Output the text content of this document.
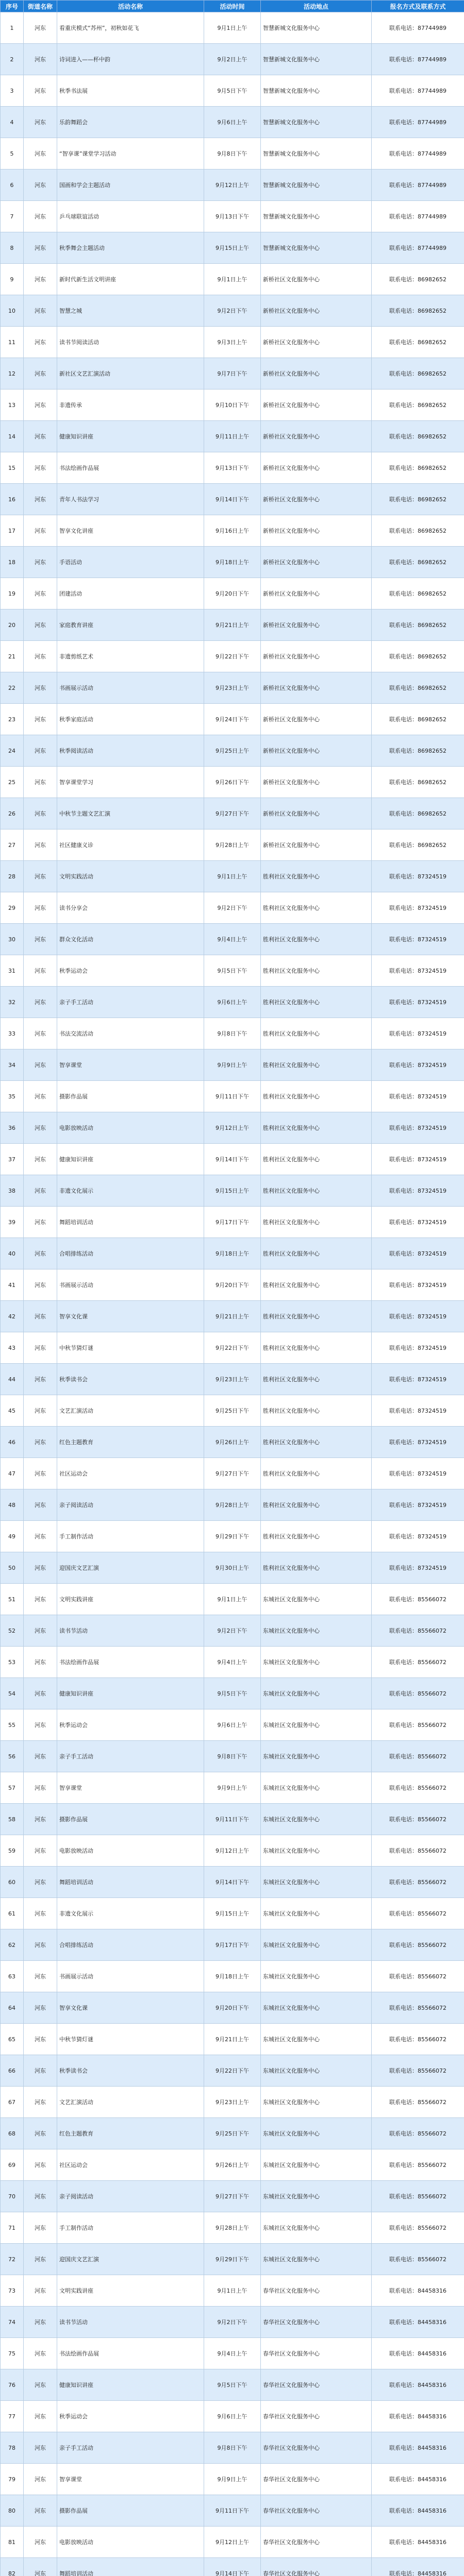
序号	街道名称	活动名称	活动时间	活动地点	报名方式及联系方式
1	河东	看重庆模式“苏州”，初秋如花飞	9月1日上午	智慧新城文化服务中心	联系电话：87744989
2	河东	诗词进入——杯中韵	9月2日上午	智慧新城文化服务中心	联系电话：87744989
3	河东	秋季书法展	9月5日下午	智慧新城文化服务中心	联系电话：87744989
4	河东	乐韵舞蹈会	9月6日上午	智慧新城文化服务中心	联系电话：87744989
5	河东	“智享课”课堂学习活动	9月8日下午	智慧新城文化服务中心	联系电话：87744989
6	河东	国画和学会主题活动	9月12日上午	智慧新城文化服务中心	联系电话：87744989
7	河东	乒乓球联谊活动	9月13日下午	智慧新城文化服务中心	联系电话：87744989
8	河东	秋季舞会主题活动	9月15日上午	智慧新城文化服务中心	联系电话：87744989
9	河东	新时代新生活文明讲座	9月1日上午	新桥社区文化服务中心	联系电话：86982652
10	河东	智慧之城	9月2日下午	新桥社区文化服务中心	联系电话：86982652
11	河东	读书节阅读活动	9月3日上午	新桥社区文化服务中心	联系电话：86982652
12	河东	新社区文艺汇演活动	9月7日下午	新桥社区文化服务中心	联系电话：86982652
13	河东	非遗传承	9月10日下午	新桥社区文化服务中心	联系电话：86982652
14	河东	健康知识讲座	9月11日上午	新桥社区文化服务中心	联系电话：86982652
15	河东	书法绘画作品展	9月13日下午	新桥社区文化服务中心	联系电话：86982652
16	河东	青年人书法学习	9月14日下午	新桥社区文化服务中心	联系电话：86982652
17	河东	智享文化讲座	9月16日上午	新桥社区文化服务中心	联系电话：86982652
18	河东	手语活动	9月18日上午	新桥社区文化服务中心	联系电话：86982652
19	河东	团建活动	9月20日下午	新桥社区文化服务中心	联系电话：86982652
20	河东	家庭教育讲座	9月21日上午	新桥社区文化服务中心	联系电话：86982652
21	河东	非遗剪纸艺术	9月22日下午	新桥社区文化服务中心	联系电话：86982652
22	河东	书画展示活动	9月23日上午	新桥社区文化服务中心	联系电话：86982652
23	河东	秋季家庭活动	9月24日下午	新桥社区文化服务中心	联系电话：86982652
24	河东	秋季阅读活动	9月25日上午	新桥社区文化服务中心	联系电话：86982652
25	河东	智享课堂学习	9月26日下午	新桥社区文化服务中心	联系电话：86982652
26	河东	中秋节主题文艺汇演	9月27日下午	新桥社区文化服务中心	联系电话：86982652
27	河东	社区健康义诊	9月28日上午	新桥社区文化服务中心	联系电话：86982652
28	河东	文明实践活动	9月1日上午	胜利社区文化服务中心	联系电话：87324519
29	河东	读书分享会	9月2日下午	胜利社区文化服务中心	联系电话：87324519
30	河东	群众文化活动	9月4日上午	胜利社区文化服务中心	联系电话：87324519
31	河东	秋季运动会	9月5日下午	胜利社区文化服务中心	联系电话：87324519
32	河东	亲子手工活动	9月6日上午	胜利社区文化服务中心	联系电话：87324519
33	河东	书法交流活动	9月8日下午	胜利社区文化服务中心	联系电话：87324519
34	河东	智享课堂	9月9日上午	胜利社区文化服务中心	联系电话：87324519
35	河东	摄影作品展	9月11日下午	胜利社区文化服务中心	联系电话：87324519
36	河东	电影放映活动	9月12日上午	胜利社区文化服务中心	联系电话：87324519
37	河东	健康知识讲座	9月14日下午	胜利社区文化服务中心	联系电话：87324519
38	河东	非遗文化展示	9月15日上午	胜利社区文化服务中心	联系电话：87324519
39	河东	舞蹈培训活动	9月17日下午	胜利社区文化服务中心	联系电话：87324519
40	河东	合唱排练活动	9月18日上午	胜利社区文化服务中心	联系电话：87324519
41	河东	书画展示活动	9月20日下午	胜利社区文化服务中心	联系电话：87324519
42	河东	智享文化课	9月21日上午	胜利社区文化服务中心	联系电话：87324519
43	河东	中秋节猜灯谜	9月22日下午	胜利社区文化服务中心	联系电话：87324519
44	河东	秋季读书会	9月23日上午	胜利社区文化服务中心	联系电话：87324519
45	河东	文艺汇演活动	9月25日下午	胜利社区文化服务中心	联系电话：87324519
46	河东	红色主题教育	9月26日上午	胜利社区文化服务中心	联系电话：87324519
47	河东	社区运动会	9月27日下午	胜利社区文化服务中心	联系电话：87324519
48	河东	亲子阅读活动	9月28日上午	胜利社区文化服务中心	联系电话：87324519
49	河东	手工制作活动	9月29日下午	胜利社区文化服务中心	联系电话：87324519
50	河东	迎国庆文艺汇演	9月30日上午	胜利社区文化服务中心	联系电话：87324519
51	河东	文明实践讲座	9月1日上午	东城社区文化服务中心	联系电话：85566072
52	河东	读书节活动	9月2日下午	东城社区文化服务中心	联系电话：85566072
53	河东	书法绘画作品展	9月4日上午	东城社区文化服务中心	联系电话：85566072
54	河东	健康知识讲座	9月5日下午	东城社区文化服务中心	联系电话：85566072
55	河东	秋季运动会	9月6日上午	东城社区文化服务中心	联系电话：85566072
56	河东	亲子手工活动	9月8日下午	东城社区文化服务中心	联系电话：85566072
57	河东	智享课堂	9月9日上午	东城社区文化服务中心	联系电话：85566072
58	河东	摄影作品展	9月11日下午	东城社区文化服务中心	联系电话：85566072
59	河东	电影放映活动	9月12日上午	东城社区文化服务中心	联系电话：85566072
60	河东	舞蹈培训活动	9月14日下午	东城社区文化服务中心	联系电话：85566072
61	河东	非遗文化展示	9月15日上午	东城社区文化服务中心	联系电话：85566072
62	河东	合唱排练活动	9月17日下午	东城社区文化服务中心	联系电话：85566072
63	河东	书画展示活动	9月18日上午	东城社区文化服务中心	联系电话：85566072
64	河东	智享文化课	9月20日下午	东城社区文化服务中心	联系电话：85566072
65	河东	中秋节猜灯谜	9月21日上午	东城社区文化服务中心	联系电话：85566072
66	河东	秋季读书会	9月22日下午	东城社区文化服务中心	联系电话：85566072
67	河东	文艺汇演活动	9月23日上午	东城社区文化服务中心	联系电话：85566072
68	河东	红色主题教育	9月25日下午	东城社区文化服务中心	联系电话：85566072
69	河东	社区运动会	9月26日上午	东城社区文化服务中心	联系电话：85566072
70	河东	亲子阅读活动	9月27日下午	东城社区文化服务中心	联系电话：85566072
71	河东	手工制作活动	9月28日上午	东城社区文化服务中心	联系电话：85566072
72	河东	迎国庆文艺汇演	9月29日下午	东城社区文化服务中心	联系电话：85566072
73	河东	文明实践讲座	9月1日上午	春华社区文化服务中心	联系电话：84458316
74	河东	读书节活动	9月2日下午	春华社区文化服务中心	联系电话：84458316
75	河东	书法绘画作品展	9月4日上午	春华社区文化服务中心	联系电话：84458316
76	河东	健康知识讲座	9月5日下午	春华社区文化服务中心	联系电话：84458316
77	河东	秋季运动会	9月6日上午	春华社区文化服务中心	联系电话：84458316
78	河东	亲子手工活动	9月8日下午	春华社区文化服务中心	联系电话：84458316
79	河东	智享课堂	9月9日上午	春华社区文化服务中心	联系电话：84458316
80	河东	摄影作品展	9月11日下午	春华社区文化服务中心	联系电话：84458316
81	河东	电影放映活动	9月12日上午	春华社区文化服务中心	联系电话：84458316
82	河东	舞蹈培训活动	9月14日下午	春华社区文化服务中心	联系电话：84458316
